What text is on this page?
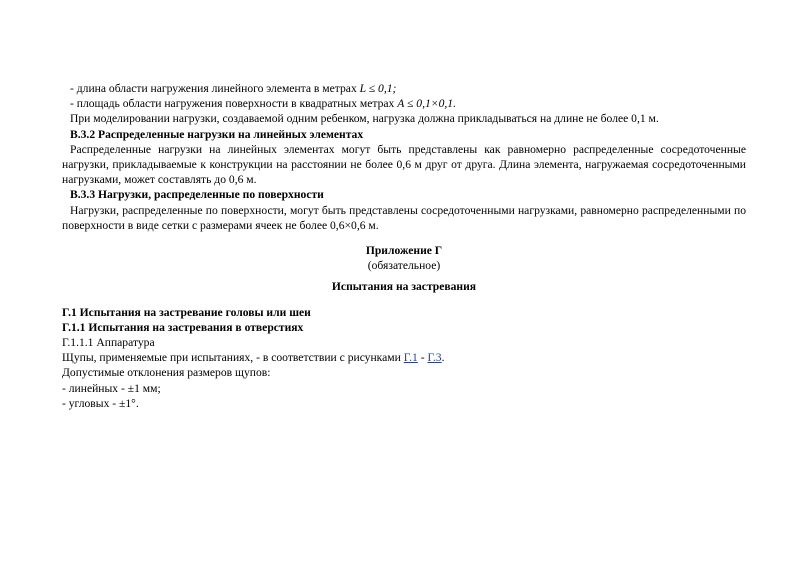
- длина области нагружения линейного элемента в метрах L ≤ 0,1;
- площадь области нагружения поверхности в квадратных метрах A ≤ 0,1×0,1.
При моделировании нагрузки, создаваемой одним ребенком, нагрузка должна прикладываться на длине не более 0,1 м.
В.3.2 Распределенные нагрузки на линейных элементах
Распределенные нагрузки на линейных элементах могут быть представлены как равномерно распределенные сосредоточенные нагрузки, прикладываемые к конструкции на расстоянии не более 0,6 м друг от друга. Длина элемента, нагружаемая сосредоточенными нагрузками, может составлять до 0,6 м.
В.3.3 Нагрузки, распределенные по поверхности
Нагрузки, распределенные по поверхности, могут быть представлены сосредоточенными нагрузками, равномерно распределенными по поверхности в виде сетки с размерами ячеек не более 0,6×0,6 м.
Приложение Г
(обязательное)
Испытания на застревания
Г.1 Испытания на застревание головы или шеи
Г.1.1 Испытания на застревания в отверстиях
Г.1.1.1 Аппаратура
Щупы, применяемые при испытаниях, - в соответствии с рисунками Г.1 - Г.3.
Допустимые отклонения размеров щупов:
- линейных - ±1 мм;
- угловых - ±1°.
